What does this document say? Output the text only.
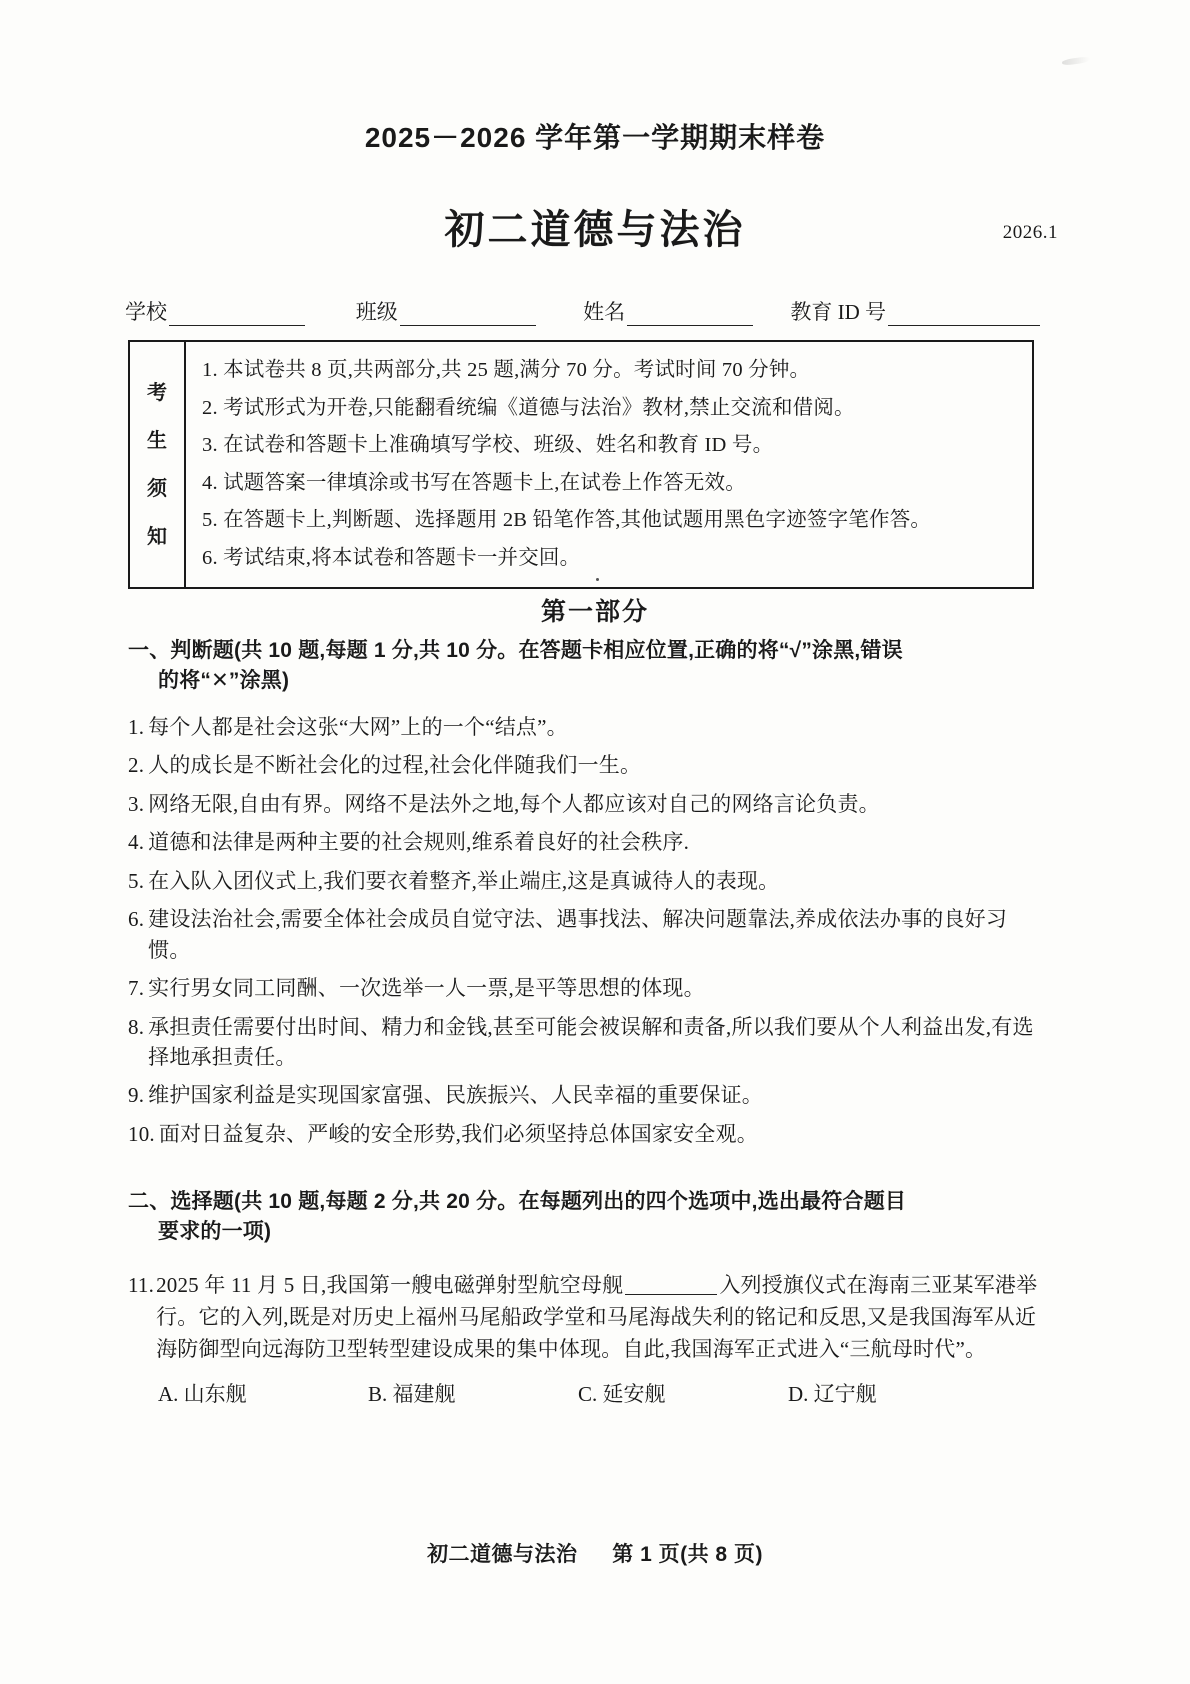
2025－2026 学年第一学期期末样卷
初二道德与法治	2026.1
学校	班级	姓名	教育 ID 号
考
生
须
知
1. 本试卷共 8 页,共两部分,共 25 题,满分 70 分。考试时间 70 分钟。
2. 考试形式为开卷,只能翻看统编《道德与法治》教材,禁止交流和借阅。
3. 在试卷和答题卡上准确填写学校、班级、姓名和教育 ID 号。
4. 试题答案一律填涂或书写在答题卡上,在试卷上作答无效。
5. 在答题卡上,判断题、选择题用 2B 铅笔作答,其他试题用黑色字迹签字笔作答。
6. 考试结束,将本试卷和答题卡一并交回。
第一部分
一、判断题(共 10 题,每题 1 分,共 10 分。在答题卡相应位置,正确的将“√”涂黑,错误
的将“✕”涂黑)
1. 每个人都是社会这张“大网”上的一个“结点”。
2. 人的成长是不断社会化的过程,社会化伴随我们一生。
3. 网络无限,自由有界。网络不是法外之地,每个人都应该对自己的网络言论负责。
4. 道德和法律是两种主要的社会规则,维系着良好的社会秩序.
5. 在入队入团仪式上,我们要衣着整齐,举止端庄,这是真诚待人的表现。
6. 建设法治社会,需要全体社会成员自觉守法、遇事找法、解决问题靠法,养成依法办事的良好习惯。
7. 实行男女同工同酬、一次选举一人一票,是平等思想的体现。
8. 承担责任需要付出时间、精力和金钱,甚至可能会被误解和责备,所以我们要从个人利益出发,有选择地承担责任。
9. 维护国家利益是实现国家富强、民族振兴、人民幸福的重要保证。
10. 面对日益复杂、严峻的安全形势,我们必须坚持总体国家安全观。
二、选择题(共 10 题,每题 2 分,共 20 分。在每题列出的四个选项中,选出最符合题目
要求的一项)
11. 2025 年 11 月 5 日,我国第一艘电磁弹射型航空母舰	入列授旗仪式在海南三亚某军港举行。它的入列,既是对历史上福州马尾船政学堂和马尾海战失利的铭记和反思,又是我国海军从近海防御型向远海防卫型转型建设成果的集中体现。自此,我国海军正式进入“三航母时代”。
A. 山东舰	B. 福建舰	C. 延安舰	D. 辽宁舰
初二道德与法治 第 1 页(共 8 页)
